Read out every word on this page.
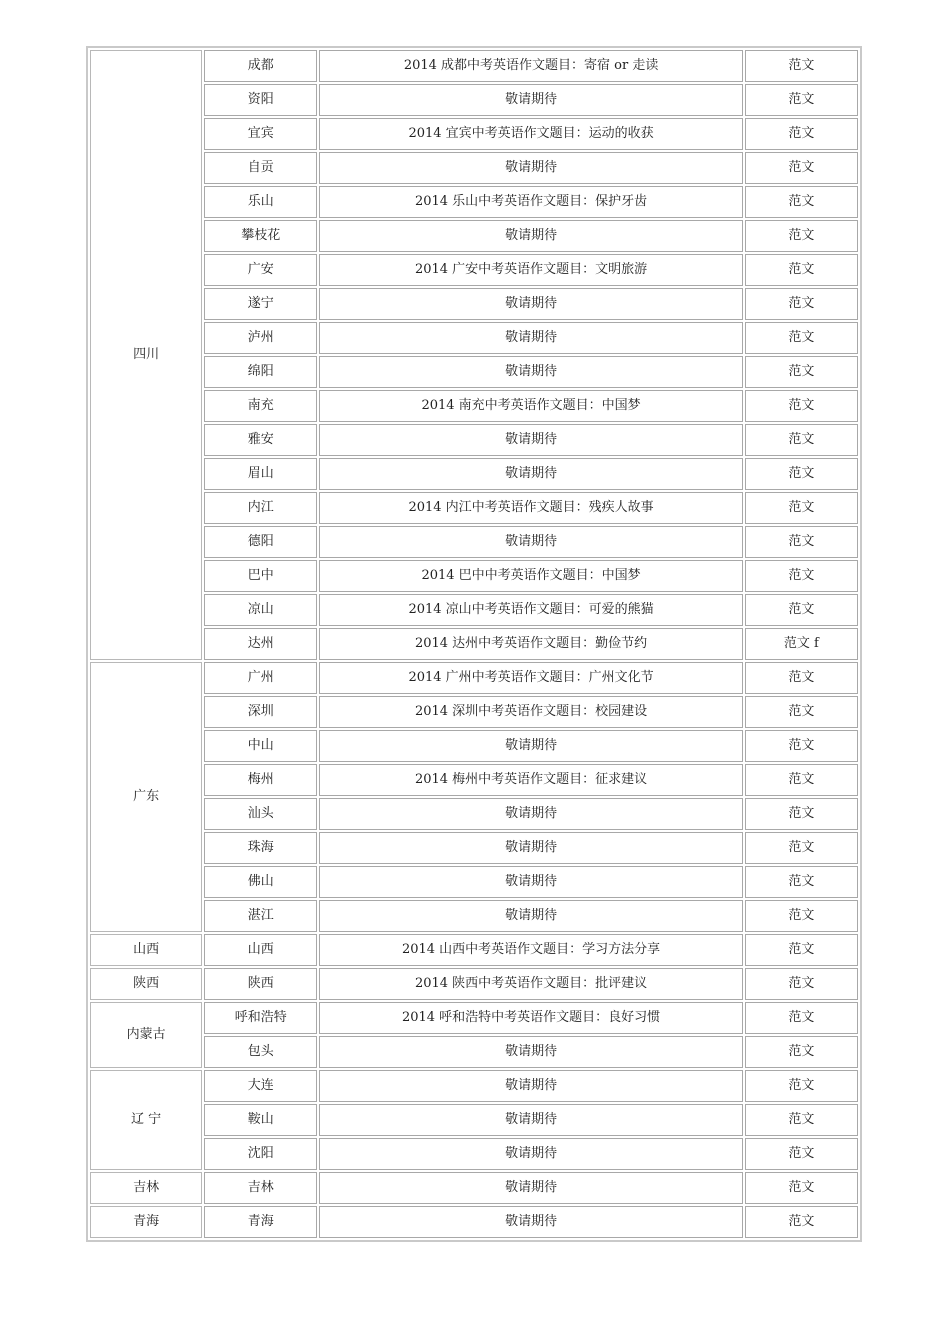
四川	成都	2014 成都中考英语作文题目：寄宿 or 走读	范文
	资阳	敬请期待	范文
	宜宾	2014 宜宾中考英语作文题目：运动的收获	范文
	自贡	敬请期待	范文
	乐山	2014 乐山中考英语作文题目：保护牙齿	范文
	攀枝花	敬请期待	范文
	广安	2014 广安中考英语作文题目：文明旅游	范文
	遂宁	敬请期待	范文
	泸州	敬请期待	范文
	绵阳	敬请期待	范文
	南充	2014 南充中考英语作文题目：中国梦	范文
	雅安	敬请期待	范文
	眉山	敬请期待	范文
	内江	2014 内江中考英语作文题目：残疾人故事	范文
	德阳	敬请期待	范文
	巴中	2014 巴中中考英语作文题目：中国梦	范文
	凉山	2014 凉山中考英语作文题目：可爱的熊猫	范文
	达州	2014 达州中考英语作文题目：勤俭节约	范文 f
广东	广州	2014 广州中考英语作文题目：广州文化节	范文
	深圳	2014 深圳中考英语作文题目：校园建设	范文
	中山	敬请期待	范文
	梅州	2014 梅州中考英语作文题目：征求建议	范文
	汕头	敬请期待	范文
	珠海	敬请期待	范文
	佛山	敬请期待	范文
	湛江	敬请期待	范文
山西	山西	2014 山西中考英语作文题目：学习方法分享	范文
陕西	陕西	2014 陕西中考英语作文题目：批评建议	范文
内蒙古	呼和浩特	2014 呼和浩特中考英语作文题目：良好习惯	范文
	包头	敬请期待	范文
辽 宁	大连	敬请期待	范文
	鞍山	敬请期待	范文
	沈阳	敬请期待	范文
吉林	吉林	敬请期待	范文
青海	青海	敬请期待	范文
